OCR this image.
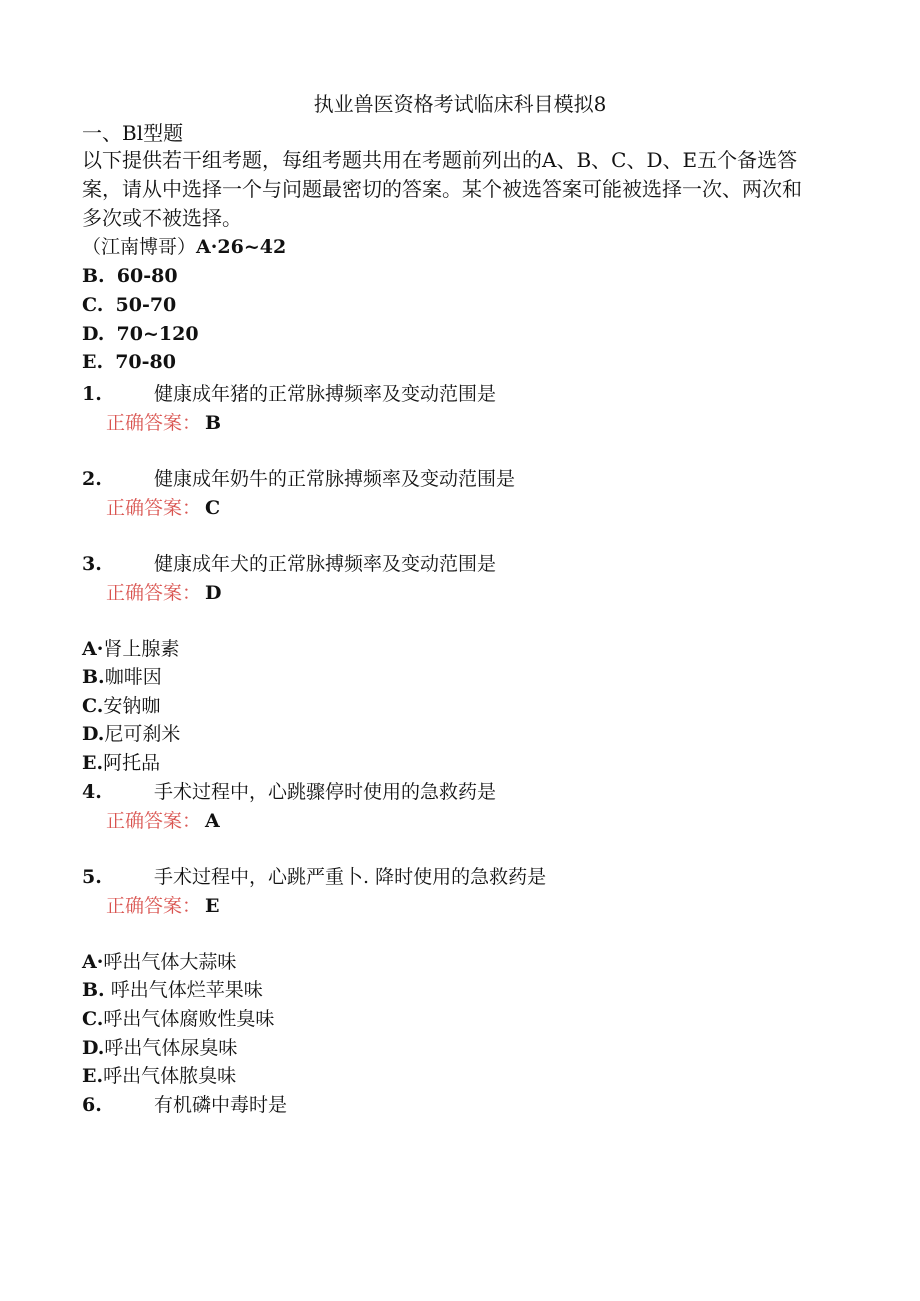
执业兽医资格考试临床科目模拟8
一、Bl型题
以下提供若干组考题，每组考题共用在考题前列出的A、B、C、D、E五个备选答案，请从中选择一个与问题最密切的答案。某个被选答案可能被选择一次、两次和多次或不被选择。
（江南博哥）A·26~42
B. 60-80
C. 50-70
D. 70~120
E. 70-80
1.	健康成年猪的正常脉搏频率及变动范围是
正确答案： B
2.	健康成年奶牛的正常脉搏频率及变动范围是
正确答案： C
3.	健康成年犬的正常脉搏频率及变动范围是
正确答案： D
A·肾上腺素
B.咖啡因
C.安钠咖
D.尼可刹米
E.阿托品
4.	手术过程中，心跳骤停时使用的急救药是
正确答案： A
5.	手术过程中，心跳严重卜. 降时使用的急救药是
正确答案： E
A·呼出气体大蒜味
B. 呼出气体烂苹果味
C.呼出气体腐败性臭味
D.呼出气体尿臭味
E.呼出气体脓臭味
6.	有机磷中毒时是
